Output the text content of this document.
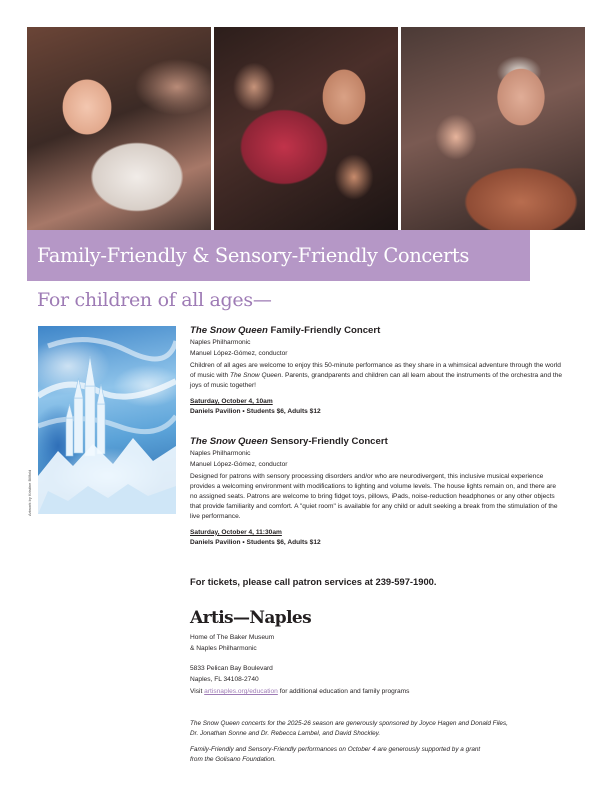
Family-Friendly & Sensory-Friendly Concerts
For children of all ages—
Artwork by Kristine Billfold
The Snow Queen Family-Friendly Concert
Naples Philharmonic
Manuel López-Gómez, conductor

Children of all ages are welcome to enjoy this 50-minute performance as they share in a whimsical adventure through the world of music with The Snow Queen. Parents, grandparents and children can all learn about the instruments of the orchestra and the joys of music together!

Saturday, October 4, 10am
Daniels Pavilion • Students $6, Adults $12
The Snow Queen Sensory-Friendly Concert
Naples Philharmonic
Manuel López-Gómez, conductor

Designed for patrons with sensory processing disorders and/or who are neurodivergent, this inclusive musical experience provides a welcoming environment with modifications to lighting and volume levels. The house lights remain on, and there are no assigned seats. Patrons are welcome to bring fidget toys, pillows, iPads, noise-reduction headphones or any other objects that provide familiarity and comfort. A "quiet room" is available for any child or adult seeking a break from the stimulation of the live performance.

Saturday, October 4, 11:30am
Daniels Pavilion • Students $6, Adults $12
For tickets, please call patron services at 239-597-1900.
Artis—Naples
Home of The Baker Museum
& Naples Philharmonic
5833 Pelican Bay Boulevard
Naples, FL 34108-2740
Visit artisnaples.org/education for additional education and family programs
The Snow Queen concerts for the 2025-26 season are generously sponsored by Joyce Hagen and Donald Files,
Dr. Jonathan Sonne and Dr. Rebecca Lambel, and David Shockley.
Family-Friendly and Sensory-Friendly performances on October 4 are generously supported by a grant
from the Golisano Foundation.
